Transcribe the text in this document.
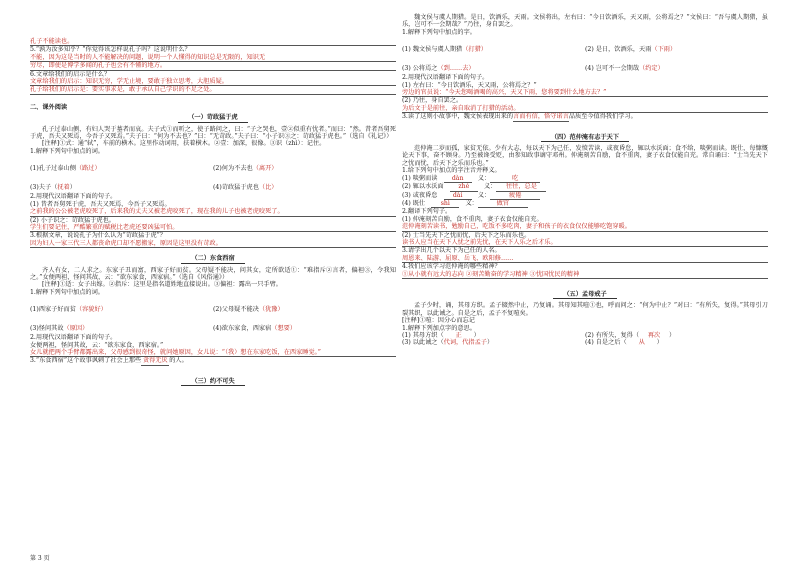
孔子不能读也。

5.“孰为汝多知乎？”你觉得该怎样说孔子吗？这说明什么？

不能，因为这是当时的人不能解决的问题，说明一个人懂得的知识总是无限的，知识无

穷尽，即使是博学多闻的孔子也会有不懂的地方。

6.文章给我们的启示是什么？

文章给我们的启示：知识无穷，学无止境，要敢于独立思考，大胆质疑。

孔子给我们的启示是：要实事求是，敢于承认自己学识的不足之处。

二、课外阅读

（一）苛政猛于虎

孔子过泰山侧，有妇人哭于墓者而哀。夫子式①而听之，使子路问之，曰：“子之哭也，壹②似重有忧者。”而曰：“然。昔者吾舅死于虎，吾夫又死焉，今吾子又死焉。”夫子曰：“何为不去也？”曰：“无苛政。”夫子曰：“小子识③之：苛政猛于虎也。”（选自《礼记》）

[注释]①式：通“轼”，车前的横木。这里作动词用，扶着横木。②壹：加深，很像。③识（zhì）：记住。

1.解释下列句中加点的词。

(1)孔子过泰山侧（路过）	(2)何为不去也（离开）
(3)夫子（抚着）	(4)苛政猛于虎也（比）

2.用现代汉语翻译下面的句子。

(1) 昔者吾舅死于虎，吾夫又死焉，今吾子又死焉。

之前我的公公被老虎咬死了，后来我的丈夫又被老虎咬死了，现在我的儿子也被老虎咬死了。

(2) 小子识之：苛政猛于虎也。

学生们要记住，严酷繁重的赋税比老虎还要凶猛可怕。

3.根据文章，说说孔子为什么认为“苛政猛于虎”？

因为妇人一家三代三人都丧命虎口却不愿搬家，原因是这里没有苛政。

（二）东食西宿

齐人有女，二人求之。东家子丑而富，西家子好而贫。父母疑不能决，问其女，定所欲适①：“难指斥②言者，偏袒③，令我知之。”女便两袒，怪问其故，云：“欲东家食，西家宿。”（选自《风俗通》）

[注释]①适：女子出嫁。②指斥：这里是指名道姓地直接说出。③偏袒：露出一只手臂。

1.解释下列句中加点的词。

(1)西家子好而贫（容貌好）	(2)父母疑不能决（犹豫）
(3)怪问其故（原因）	(4)欲东家食，西家宿（想要）

2.用现代汉语翻译下面的句子。

女便两袒，怪问其故，云：“欲东家食，西家宿。”

女儿就把两个手臂都露出来，父母感到很奇怪，就问她原因，女儿说：“（我）想在东家吃饭，在西家睡觉。”

3.“东食西宿”这个故事讽刺了社会上那些 贪得无厌 的人。

（三）约不可失

第 3 页

魏文侯与虞人期猎。是日，饮酒乐，天雨。文侯将出，左右曰：“今日饮酒乐，天又雨，公将焉之？”文侯曰：“吾与虞人期猎，虽乐，岂可不一会期哉？”乃往，身自罢之。

1.解释下列句中加点的字。

(1) 魏文侯与虞人期猎（打猎）	(2) 是日，饮酒乐，天雨（下雨）
(3) 公将焉之（到……去）	(4) 岂可不一会期哉（约定）

2.用现代汉语翻译下面的句子。

(1) 左右曰：“今日饮酒乐，天又雨，公将焉之？”

旁边的官员说：“今天您喝酒喝的高兴，天又下雨，您将要到什么地方去？”

(2) 乃往，身自罢之。

为后文于是前往，亲自取消了打猎的活动。

3.读了这则小故事中，魏文侯表现出来的言而有信，恪守诺言品质至今值得我们学习。

（四）范仲淹有志于天下

范仲淹二岁而孤，家贫无依。少有大志，每以天下为己任，发愤苦读，或夜昏怠，辄以水沃面；食不给，啖粥而读。既仕，每慷慨论天下事，奋不顾身。乃至被谗受贬，由参知政事谪守邓州。仲淹刻苦自励，食不重肉，妻子衣食仅能自充。常自诵曰：“士当先天下之忧而忧，后天下之乐而乐也。”

1.给下列句中加点的字注音并释义。

(1) 啖粥而读　 dàn　义：	吃

(2) 辄以水沃面　 zhé　义： 往往，总是

(3) 或夜昏怠　 dài　义：	疲倦

(4) 既仕　	shì　义：	做官

2.翻译下列句子。

(1) 仲淹刻苦自励，食不重肉，妻子衣食仅能自充。

范仲淹刻苦读书，勉励自己，吃饭不多吃肉，妻子和孩子的衣食仅仅能够吃饱穿暖。

(2) 士当先天下之忧而忧，后天下之乐而乐也。

读书人应当在天下人忧之前先忧，在天下人乐之后才乐。

3.请学出几个以天下为己任的人名。

周恩来、陆游、屈原、岳飞、欧阳修……

4.我们应该学习范仲淹的哪些精神？

①从小就有远大的志向 ②刻苦勤奋的学习精神 ③忧国忧民的精神

（五）孟母戒子

孟子少时，诵，其母方织。孟子辍然中止，乃复诵。其母知其喧①也，呼而问之：“何为中止？”对曰：“有所失，复得。”其母引刀裂其织，以此诫之。自是之后，孟子不复喧矣。

[注释]①喧：因分心而忘记

1.解释下列加点字的意思。

(1) 其母方织（ 正 ）	(2) 有所失，复得（ 再次 ）
(3) 以此诫之（代词，代指孟子）	(4) 自是之后（ 从 ）
